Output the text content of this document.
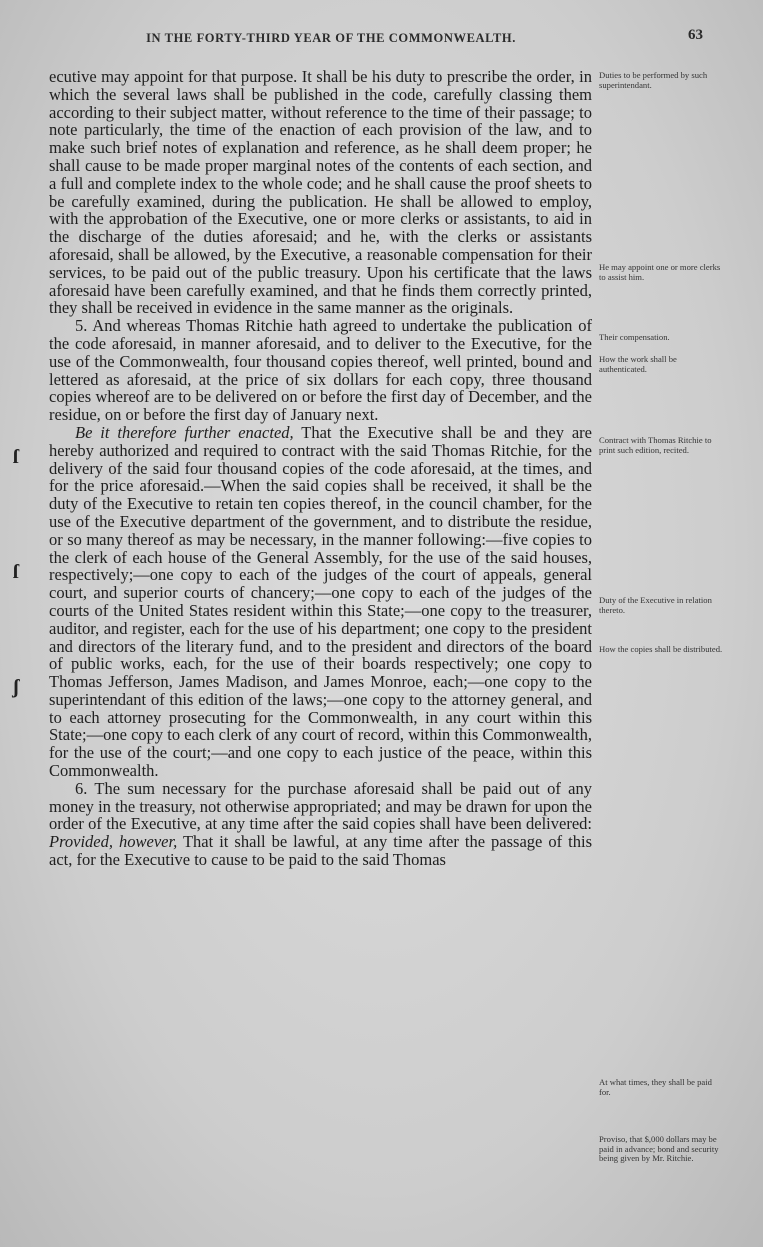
IN THE FORTY-THIRD YEAR OF THE COMMONWEALTH.	63

ecutive may appoint for that purpose. It shall be his duty to prescribe the order, in which the several laws shall be published in the code, carefully classing them according to their subject matter, without reference to the time of their passage; to note particularly, the time of the enaction of each provision of the law, and to make such brief notes of explanation and reference, as he shall deem proper; he shall cause to be made proper marginal notes of the contents of each section, and a full and complete index to the whole code; and he shall cause the proof sheets to be carefully examined, during the publication. He shall be allowed to employ, with the approbation of the Executive, one or more clerks or assistants, to aid in the discharge of the duties aforesaid; and he, with the clerks or assistants aforesaid, shall be allowed, by the Executive, a reasonable compensation for their services, to be paid out of the public treasury. Upon his certificate that the laws aforesaid have been carefully examined, and that he finds them correctly printed, they shall be received in evidence in the same manner as the originals.

5. And whereas Thomas Ritchie hath agreed to undertake the publication of the code aforesaid, in manner aforesaid, and to deliver to the Executive, for the use of the Commonwealth, four thousand copies thereof, well printed, bound and lettered as aforesaid, at the price of six dollars for each copy, three thousand copies whereof are to be delivered on or before the first day of December, and the residue, on or before the first day of January next.

Be it therefore further enacted, That the Executive shall be and they are hereby authorized and required to contract with the said Thomas Ritchie, for the delivery of the said four thousand copies of the code aforesaid, at the times, and for the price aforesaid.—When the said copies shall be received, it shall be the duty of the Executive to retain ten copies thereof, in the council chamber, for the use of the Executive department of the government, and to distribute the residue, or so many thereof as may be necessary, in the manner following:—five copies to the clerk of each house of the General Assembly, for the use of the said houses, respectively;—one copy to each of the judges of the court of appeals, general court, and superior courts of chancery;—one copy to each of the judges of the courts of the United States resident within this State;—one copy to the treasurer, auditor, and register, each for the use of his department; one copy to the president and directors of the literary fund, and to the president and directors of the board of public works, each, for the use of their boards respectively; one copy to Thomas Jefferson, James Madison, and James Monroe, each;—one copy to the superintendant of this edition of the laws;—one copy to the attorney general, and to each attorney prosecuting for the Commonwealth, in any court within this State;—one copy to each clerk of any court of record, within this Commonwealth, for the use of the court;—and one copy to each justice of the peace, within this Commonwealth.

6. The sum necessary for the purchase aforesaid shall be paid out of any money in the treasury, not otherwise appropriated; and may be drawn for upon the order of the Executive, at any time after the said copies shall have been delivered: Provided, however, That it shall be lawful, at any time after the passage of this act, for the Executive to cause to be paid to the said Thomas

Duties to be performed by such superintendant.
He may appoint one or more clerks to assist him.
Their compensation.
How the work shall be authenticated.
Contract with Thomas Ritchie to print such edition, recited.
Duty of the Executive in relation thereto.
How the copies shall be distributed.
At what times, they shall be paid for.
Proviso, that $,000 dollars may be paid in advance; bond and security being given by Mr. Ritchie.
ſ
ſ
ʃ
